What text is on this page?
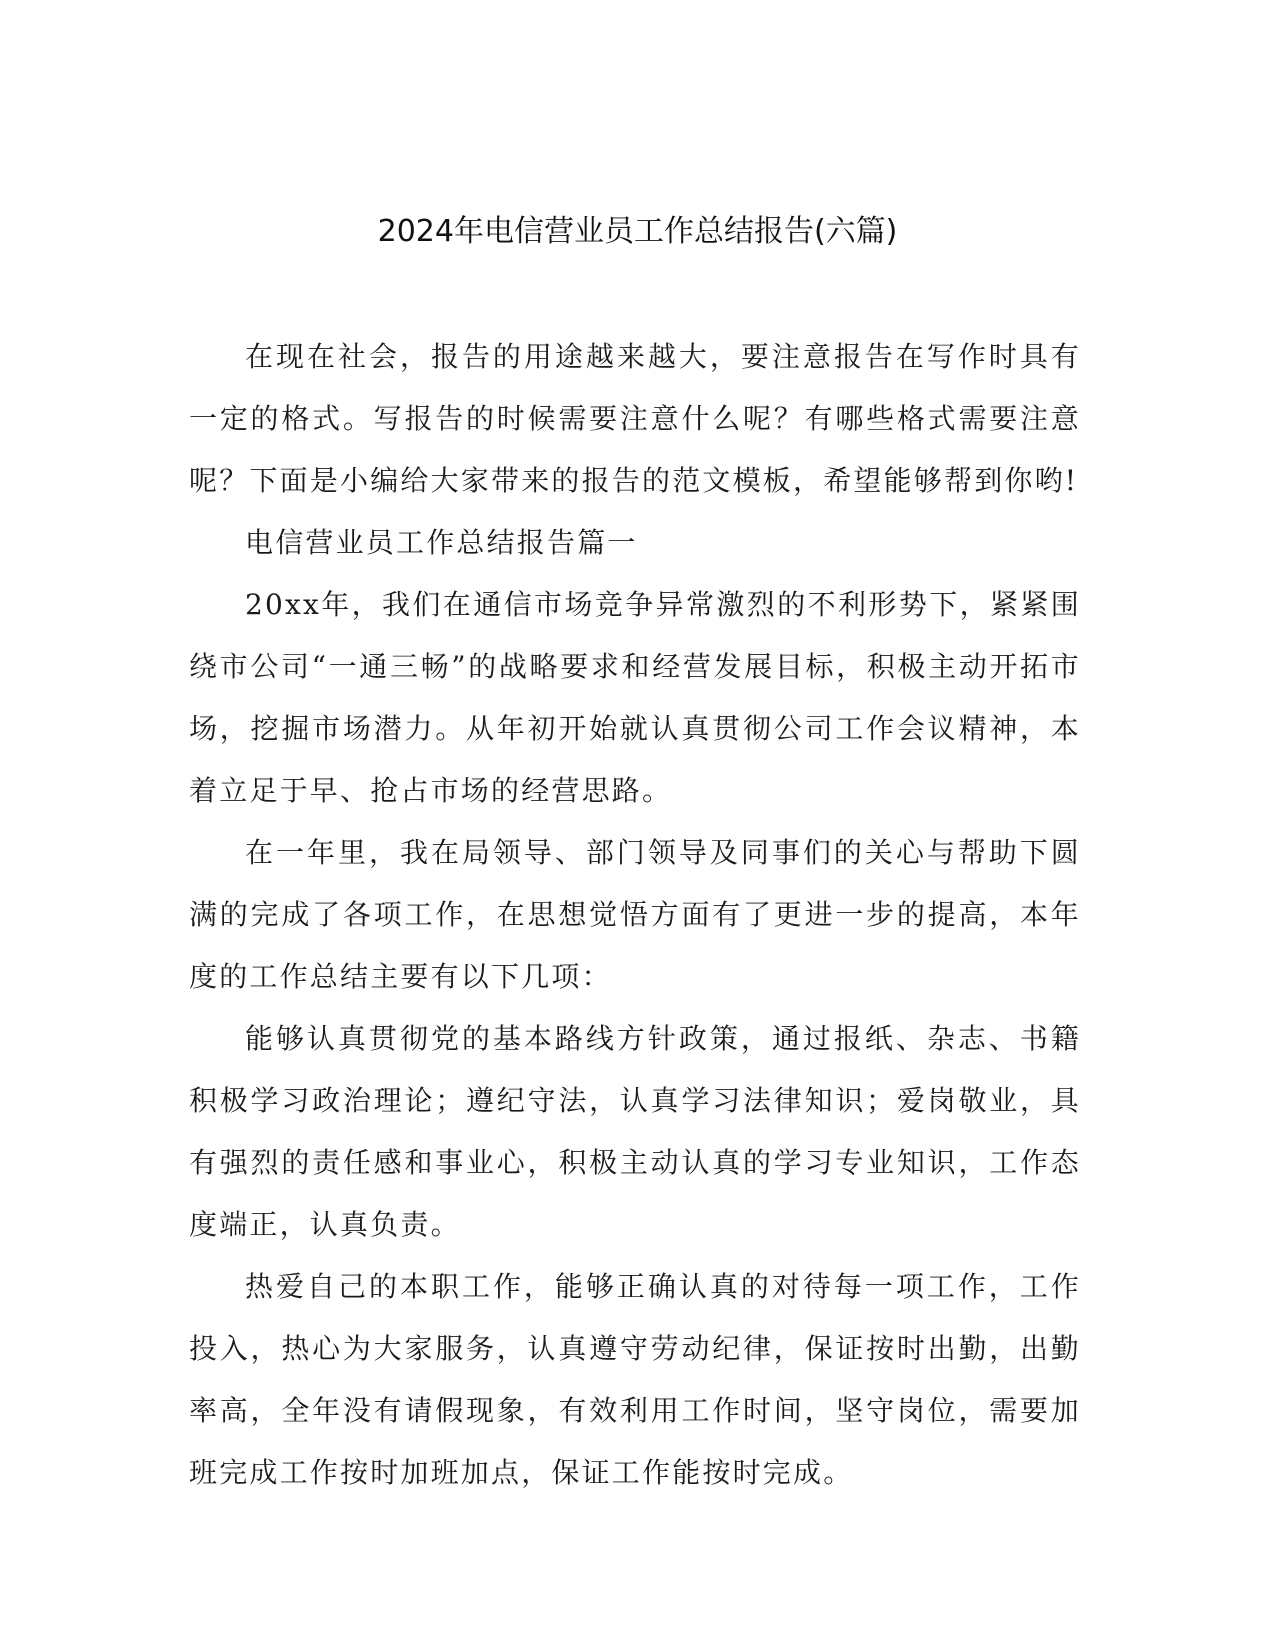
2024年电信营业员工作总结报告(六篇)

在现在社会，报告的用途越来越大，要注意报告在写作时具有一定的格式。写报告的时候需要注意什么呢？有哪些格式需要注意呢？下面是小编给大家带来的报告的范文模板，希望能够帮到你哟!

电信营业员工作总结报告篇一

20xx年，我们在通信市场竞争异常激烈的不利形势下，紧紧围绕市公司“一通三畅”的战略要求和经营发展目标，积极主动开拓市场，挖掘市场潜力。从年初开始就认真贯彻公司工作会议精神，本着立足于早、抢占市场的经营思路。

在一年里，我在局领导、部门领导及同事们的关心与帮助下圆满的完成了各项工作，在思想觉悟方面有了更进一步的提高，本年度的工作总结主要有以下几项：

能够认真贯彻党的基本路线方针政策，通过报纸、杂志、书籍积极学习政治理论；遵纪守法，认真学习法律知识；爱岗敬业，具有强烈的责任感和事业心，积极主动认真的学习专业知识，工作态度端正，认真负责。

热爱自己的本职工作，能够正确认真的对待每一项工作，工作投入，热心为大家服务，认真遵守劳动纪律，保证按时出勤，出勤率高，全年没有请假现象，有效利用工作时间，坚守岗位，需要加班完成工作按时加班加点，保证工作能按时完成。
